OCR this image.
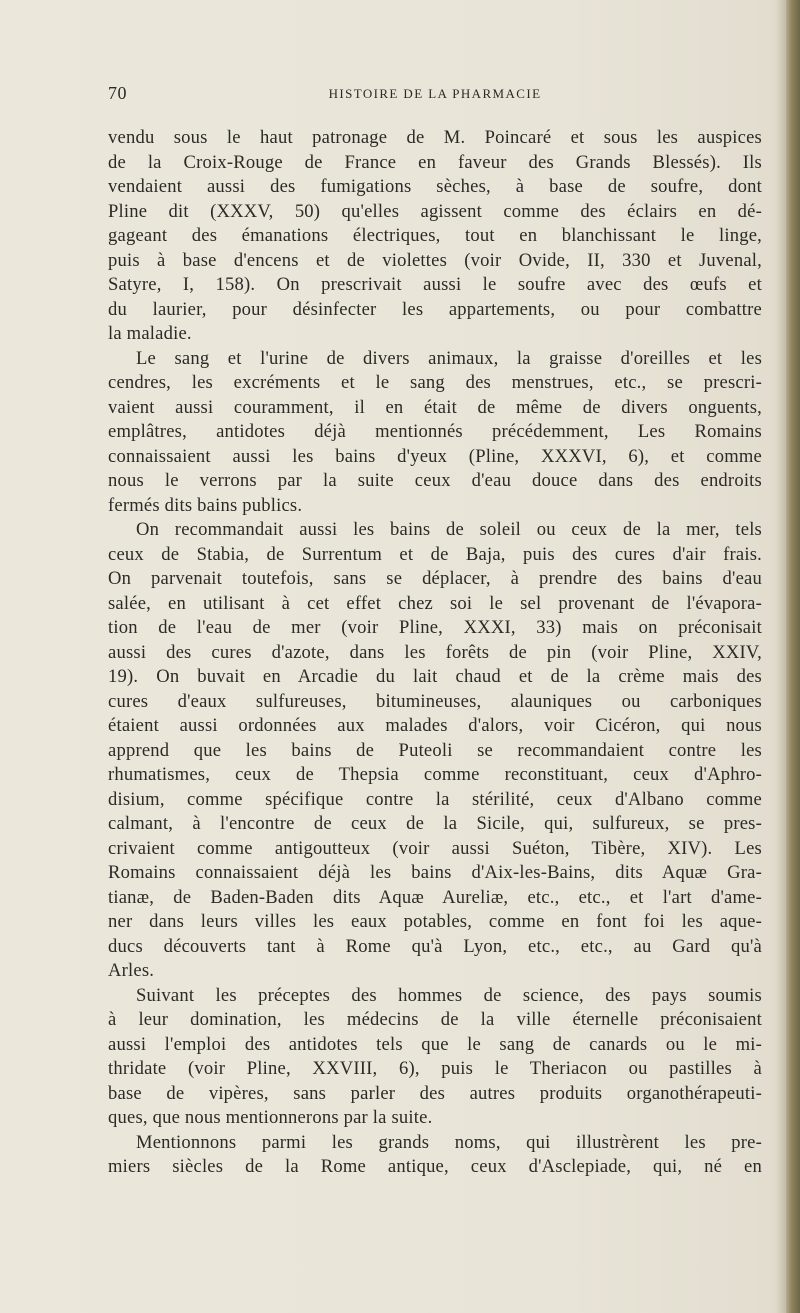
70	HISTOIRE DE LA PHARMACIE
vendu sous le haut patronage de M. Poincaré et sous les auspices
de la Croix-Rouge de France en faveur des Grands Blessés). Ils
vendaient aussi des fumigations sèches, à base de soufre, dont
Pline dit (XXXV, 50) qu'elles agissent comme des éclairs en dé-
gageant des émanations électriques, tout en blanchissant le linge,
puis à base d'encens et de violettes (voir Ovide, II, 330 et Juvenal,
Satyre, I, 158). On prescrivait aussi le soufre avec des œufs et
du laurier, pour désinfecter les appartements, ou pour combattre
la maladie.
Le sang et l'urine de divers animaux, la graisse d'oreilles et les
cendres, les excréments et le sang des menstrues, etc., se prescri-
vaient aussi couramment, il en était de même de divers onguents,
emplâtres, antidotes déjà mentionnés précédemment, Les Romains
connaissaient aussi les bains d'yeux (Pline, XXXVI, 6), et comme
nous le verrons par la suite ceux d'eau douce dans des endroits
fermés dits bains publics.
On recommandait aussi les bains de soleil ou ceux de la mer, tels
ceux de Stabia, de Surrentum et de Baja, puis des cures d'air frais.
On parvenait toutefois, sans se déplacer, à prendre des bains d'eau
salée, en utilisant à cet effet chez soi le sel provenant de l'évapora-
tion de l'eau de mer (voir Pline, XXXI, 33) mais on préconisait
aussi des cures d'azote, dans les forêts de pin (voir Pline, XXIV,
19). On buvait en Arcadie du lait chaud et de la crème mais des
cures d'eaux sulfureuses, bitumineuses, alauniques ou carboniques
étaient aussi ordonnées aux malades d'alors, voir Cicéron, qui nous
apprend que les bains de Puteoli se recommandaient contre les
rhumatismes, ceux de Thepsia comme reconstituant, ceux d'Aphro-
disium, comme spécifique contre la stérilité, ceux d'Albano comme
calmant, à l'encontre de ceux de la Sicile, qui, sulfureux, se pres-
crivaient comme antigoutteux (voir aussi Suéton, Tibère, XIV). Les
Romains connaissaient déjà les bains d'Aix-les-Bains, dits Aquæ Gra-
tianæ, de Baden-Baden dits Aquæ Aureliæ, etc., etc., et l'art d'ame-
ner dans leurs villes les eaux potables, comme en font foi les aque-
ducs découverts tant à Rome qu'à Lyon, etc., etc., au Gard qu'à
Arles.
Suivant les préceptes des hommes de science, des pays soumis
à leur domination, les médecins de la ville éternelle préconisaient
aussi l'emploi des antidotes tels que le sang de canards ou le mi-
thridate (voir Pline, XXVIII, 6), puis le Theriacon ou pastilles à
base de vipères, sans parler des autres produits organothérapeuti-
ques, que nous mentionnerons par la suite.
Mentionnons parmi les grands noms, qui illustrèrent les pre-
miers siècles de la Rome antique, ceux d'Asclepiade, qui, né en
